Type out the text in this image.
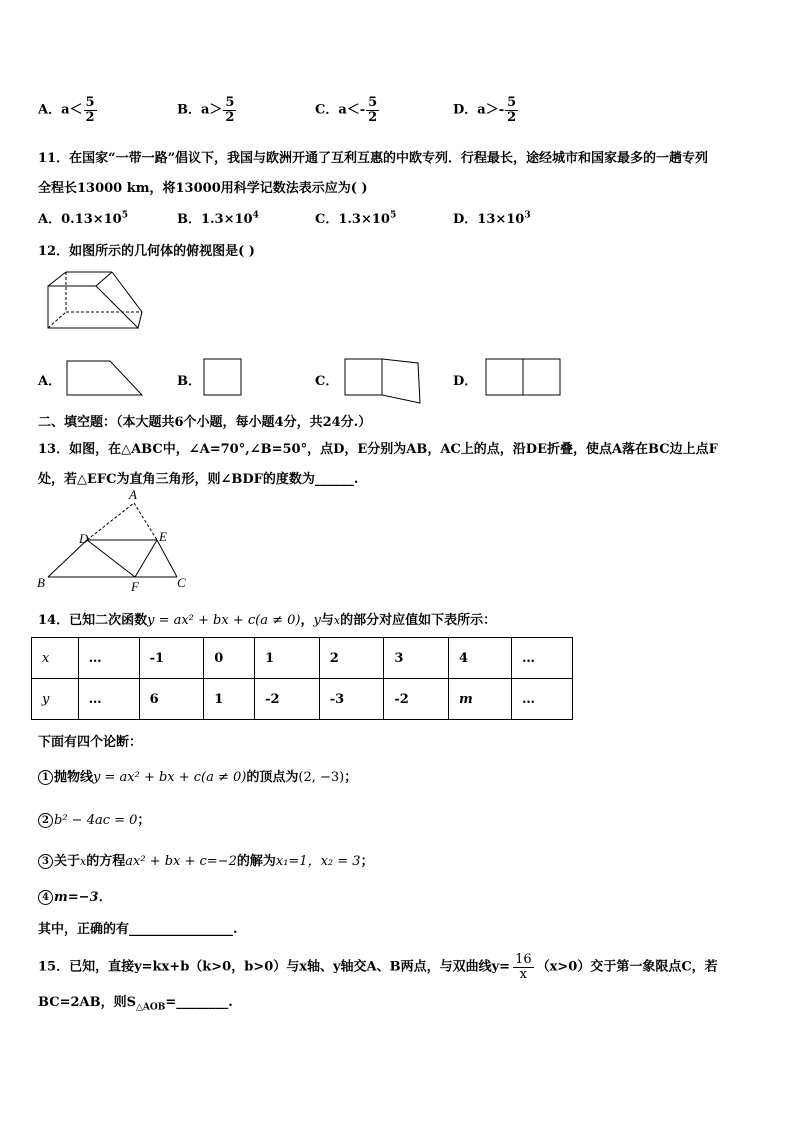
A．$a< \frac{5}{2}$	B．$a> \frac{5}{2}$	C．$a<- \frac{5}{2}$	D．$a>- \frac{5}{2}$
11．在国家“一带一路”倡议下，我国与欧洲开通了互利互惠的中欧专列．行程最长，途经城市和国家最多的一趟专列
全程长13000 km，将13000用科学记数法表示应为( )
A．$0.13\times 10^5$	B．$1.3\times 10^4$	C．$1.3\times 10^5$	D．$13\times 10^3$
12．如图所示的几何体的俯视图是( )
A．	B．	C．	D．
二、填空题：（本大题共6个小题，每小题4分，共24分.）
13．如图，在△ABC中，∠A=70°,∠B=50°，点D，E分别为AB，AC上的点，沿DE折叠，使点A落在BC边上点F
处，若△EFC为直角三角形，则∠BDF的度数为______.
A
B	C
D	E
F
14．已知二次函数y = ax² + bx + c(a ≠ 0)，y与x的部分对应值如下表所示：
x	…	-1	0	1	2	3	4	…
y	…	6	1	-2	-3	-2	m	…
下面有四个论断：
1 抛物线y = ax² + bx + c(a ≠ 0)的顶点为(2, −3)；
2 b² − 4ac = 0；
3 关于x的方程ax² + bx + c=−2的解为x₁=1，x₂ = 3；
4 m=−3．
其中，正确的有________________.
15．已知，直接y=kx+b（k>0，b>0）与x轴、y轴交A、B两点，与双曲线$y= \frac{16}{x} (x>0)$交于第一象限点C，若
BC=2AB，则$S_{\triangle AOB}=\_\_\_\_\_\_\_\_$.
